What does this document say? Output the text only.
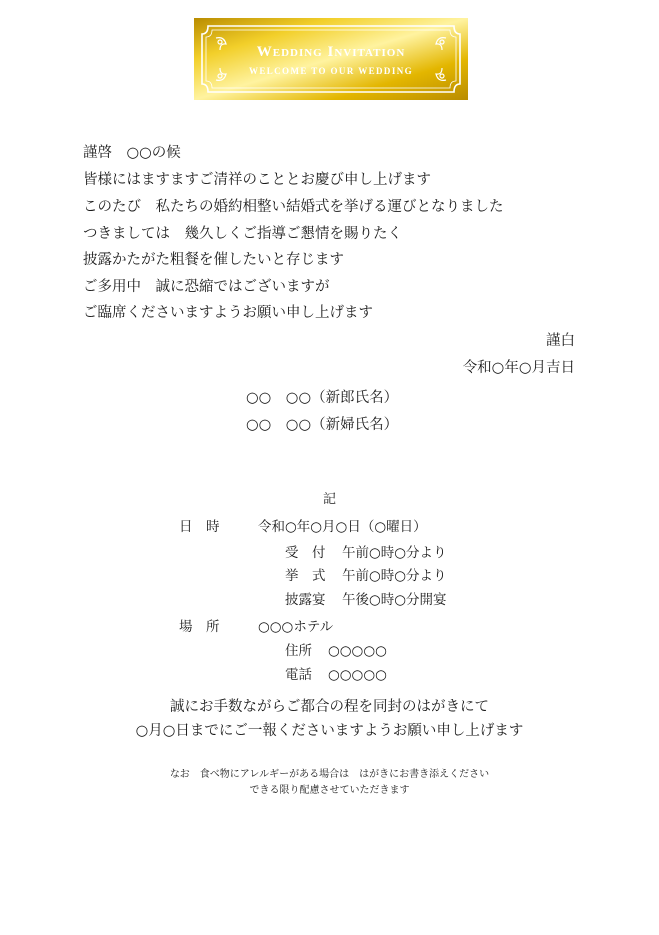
Wedding Invitation
WELCOME TO OUR WEDDING
謹啓　○○の候
皆様にはますますご清祥のこととお慶び申し上げます
このたび　私たちの婚約相整い結婚式を挙げる運びとなりました
つきましては　幾久しくご指導ご懇情を賜りたく
披露かたがた粗餐を催したいと存じます
ご多用中　誠に恐縮ではございますが
ご臨席くださいますようお願い申し上げます
謹白
令和○年○月吉日
○○　○○（新郎氏名）
○○　○○（新婦氏名）
記
日　時	令和○年○月○日（○曜日）
受　付 午前○時○分より
挙　式 午前○時○分より
披露宴 午後○時○分開宴
場　所	○○○ホテル
住所 ○○○○○
電話 ○○○○○
誠にお手数ながらご都合の程を同封のはがきにて
○月○日までにご一報くださいますようお願い申し上げます
なお　食べ物にアレルギーがある場合は　はがきにお書き添えください
できる限り配慮させていただきます
